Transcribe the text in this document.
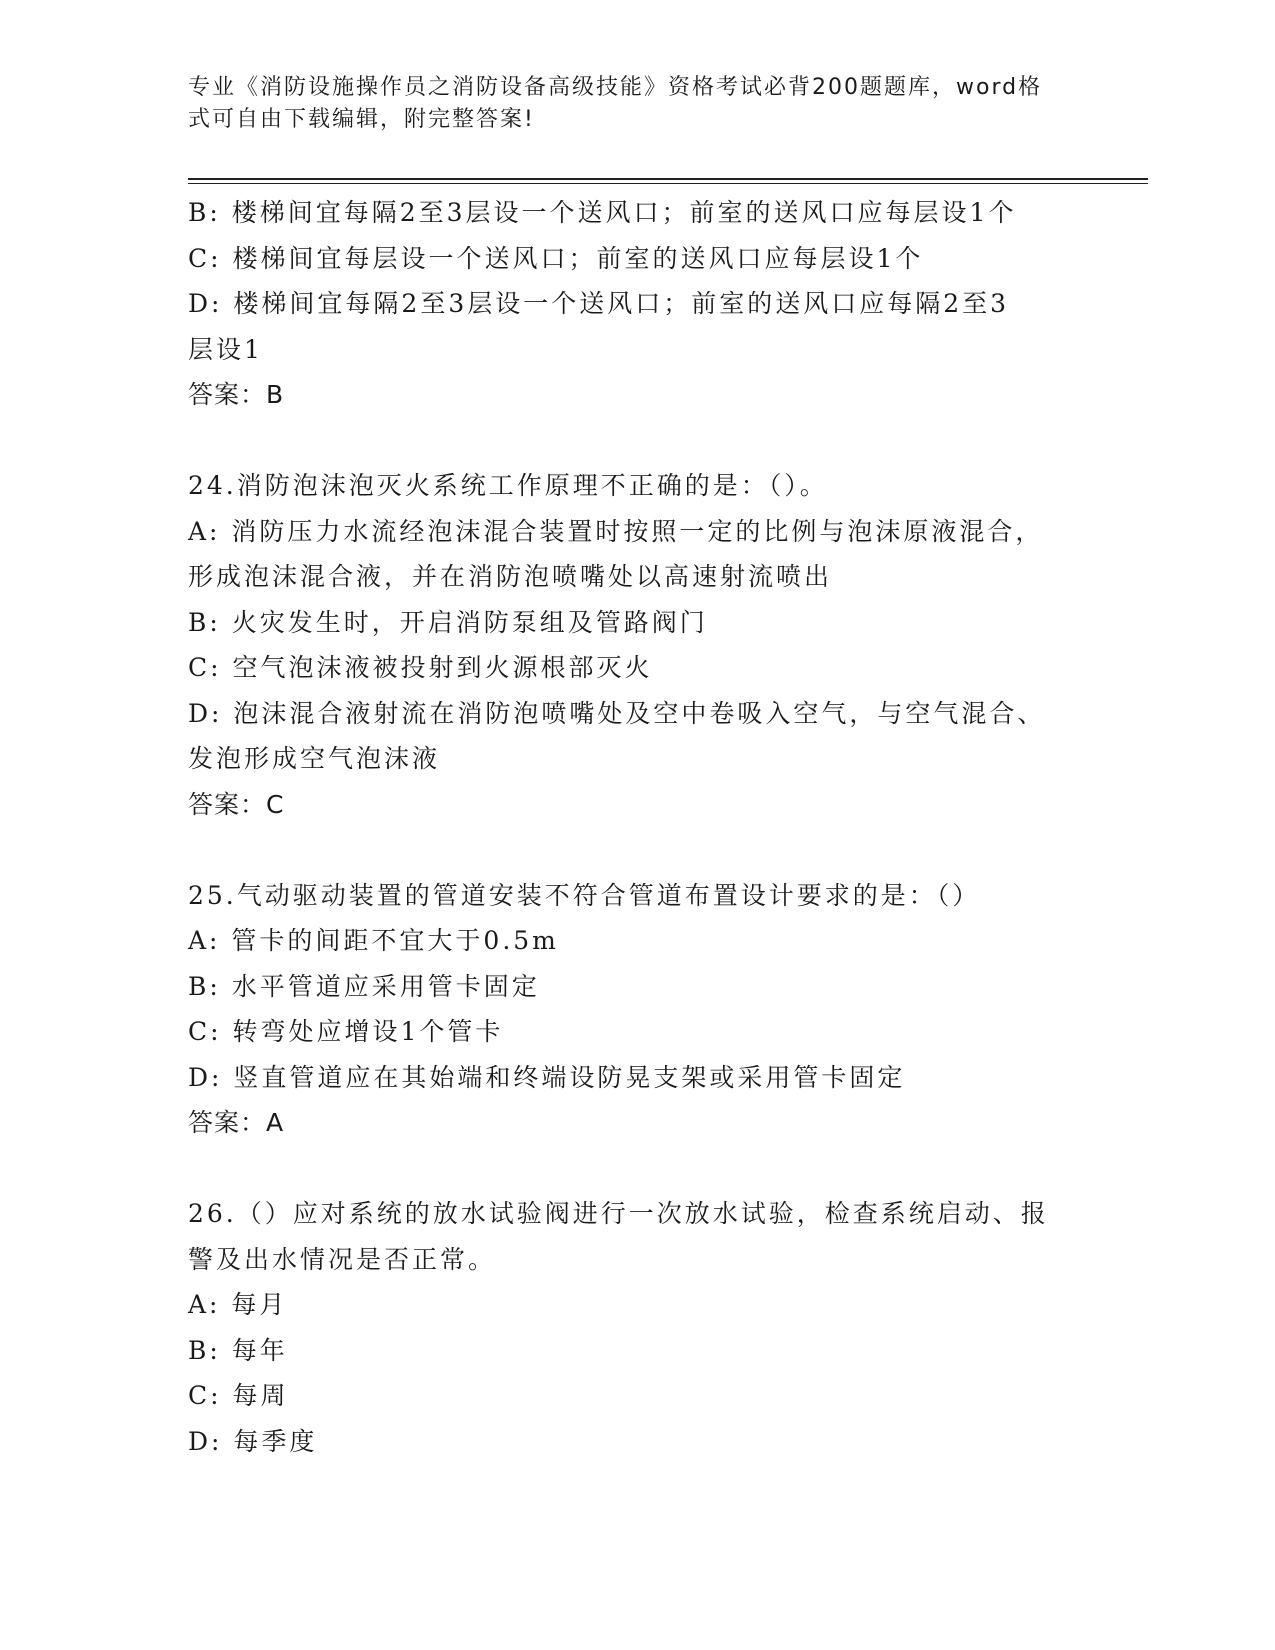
专业《消防设施操作员之消防设备高级技能》资格考试必背200题题库，word格
式可自由下载编辑，附完整答案!
B: 楼梯间宜每隔2至3层设一个送风口；前室的送风口应每层设1个
C: 楼梯间宜每层设一个送风口；前室的送风口应每层设1个
D: 楼梯间宜每隔2至3层设一个送风口；前室的送风口应每隔2至3
层设1
答案：B
24.消防泡沫泡灭火系统工作原理不正确的是：（）。
A: 消防压力水流经泡沫混合装置时按照一定的比例与泡沫原液混合，
形成泡沫混合液，并在消防泡喷嘴处以高速射流喷出
B: 火灾发生时，开启消防泵组及管路阀门
C: 空气泡沫液被投射到火源根部灭火
D: 泡沫混合液射流在消防泡喷嘴处及空中卷吸入空气，与空气混合、
发泡形成空气泡沫液
答案：C
25.气动驱动装置的管道安装不符合管道布置设计要求的是：（）
A: 管卡的间距不宜大于0.5m
B: 水平管道应采用管卡固定
C: 转弯处应增设1个管卡
D: 竖直管道应在其始端和终端设防晃支架或采用管卡固定
答案：A
26.（）应对系统的放水试验阀进行一次放水试验，检查系统启动、报
警及出水情况是否正常。
A: 每月
B: 每年
C: 每周
D: 每季度
